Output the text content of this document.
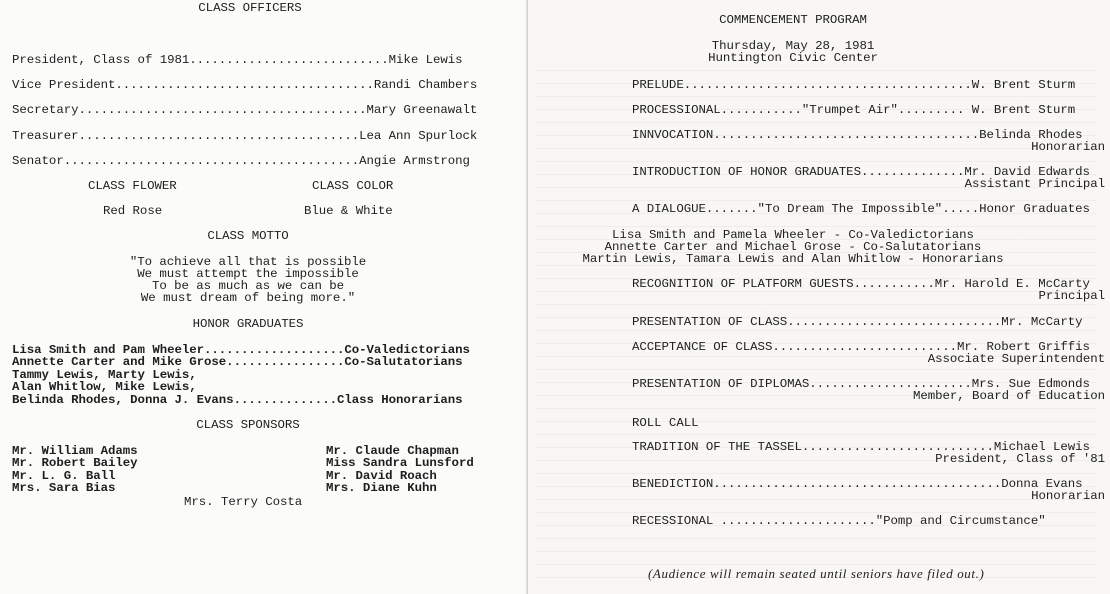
CLASS OFFICERS
President, Class of 1981...........................Mike Lewis
Vice President...................................Randi Chambers
Secretary.......................................Mary Greenawalt
Treasurer......................................Lea Ann Spurlock
Senator........................................Angie Armstrong
CLASS FLOWER	CLASS COLOR
Red Rose	Blue & White
CLASS MOTTO
"To achieve all that is possible
We must attempt the impossible
To be as much as we can be
We must dream of being more."
HONOR GRADUATES
Lisa Smith and Pam Wheeler...................Co-Valedictorians
Annette Carter and Mike Grose................Co-Salutatorians
Tammy Lewis, Marty Lewis,
Alan Whitlow, Mike Lewis,
Belinda Rhodes, Donna J. Evans..............Class Honorarians
CLASS SPONSORS
Mr. William Adams
Mr. Robert Bailey
Mr. L. G. Ball
Mrs. Sara Bias
Mr. Claude Chapman
Miss Sandra Lunsford
Mr. David Roach
Mrs. Diane Kuhn
Mrs. Terry Costa
COMMENCEMENT PROGRAM
Thursday, May 28, 1981
Huntington Civic Center
PRELUDE.......................................W. Brent Sturm
PROCESSIONAL..........."Trumpet Air"......... W. Brent Sturm
INNVOCATION....................................Belinda Rhodes
Honorarian
INTRODUCTION OF HONOR GRADUATES..............Mr. David Edwards
Assistant Principal
A DIALOGUE......."To Dream The Impossible".....Honor Graduates
Lisa Smith and Pamela Wheeler - Co-Valedictorians
Annette Carter and Michael Grose - Co-Salutatorians
Martin Lewis, Tamara Lewis and Alan Whitlow - Honorarians
RECOGNITION OF PLATFORM GUESTS...........Mr. Harold E. McCarty
Principal
PRESENTATION OF CLASS.............................Mr. McCarty
ACCEPTANCE OF CLASS.........................Mr. Robert Griffis
Associate Superintendent
PRESENTATION OF DIPLOMAS......................Mrs. Sue Edmonds
Member, Board of Education
ROLL CALL
TRADITION OF THE TASSEL..........................Michael Lewis
President, Class of '81
BENEDICTION.......................................Donna Evans
Honorarian
RECESSIONAL ....................."Pomp and Circumstance"
(Audience will remain seated until seniors have filed out.)
